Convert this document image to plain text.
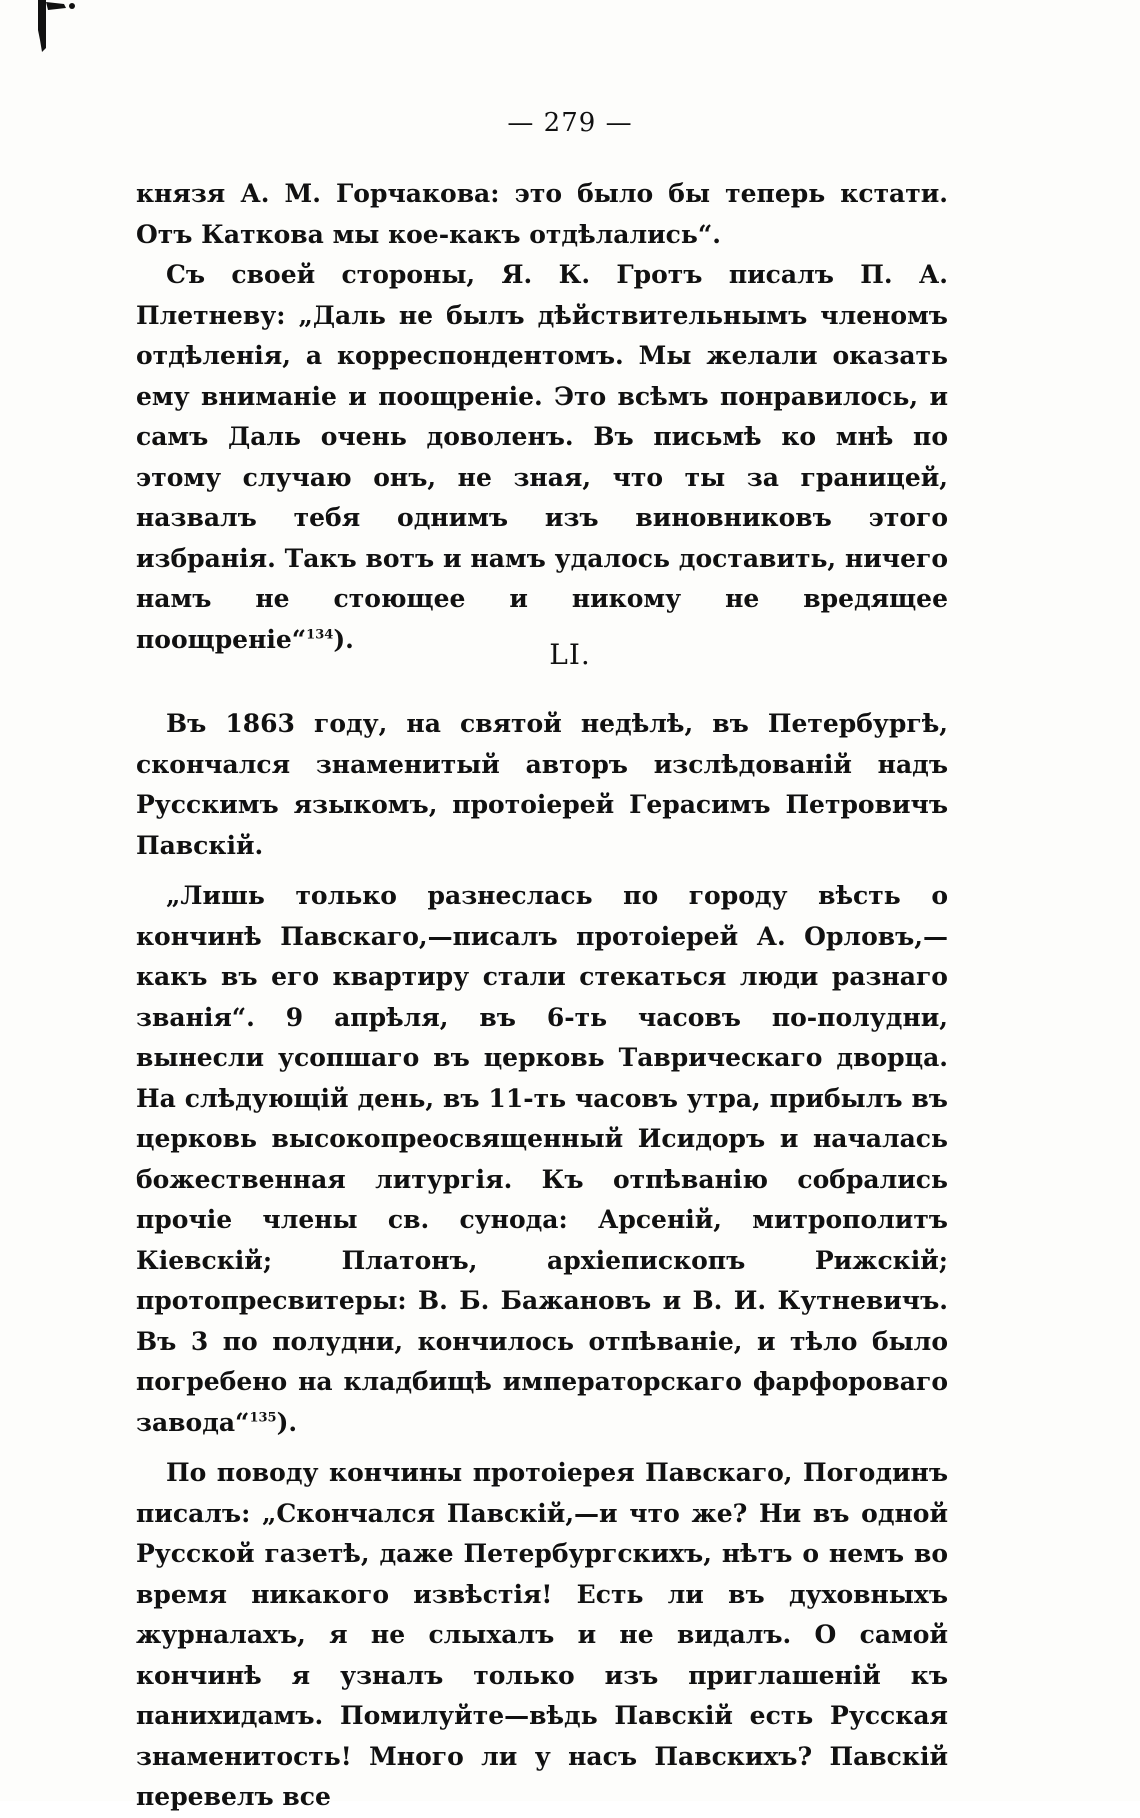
— 279 —

князя А. М. Горчакова: это было бы теперь кстати. Отъ Каткова мы кое-какъ отдѣлались“.

Съ своей стороны, Я. К. Гротъ писалъ П. А. Плетневу: „Даль не былъ дѣйствительнымъ членомъ отдѣленія, а корреспондентомъ. Мы желали оказать ему вниманіе и поощреніе. Это всѣмъ понравилось, и самъ Даль очень доволенъ. Въ письмѣ ко мнѣ по этому случаю онъ, не зная, что ты за границей, назвалъ тебя однимъ изъ виновниковъ этого избранія. Такъ вотъ и намъ удалось доставить, ничего намъ не стоющее и никому не вредящее поощреніе“$^{134}$).	LI.

Въ 1863 году, на святой недѣлѣ, въ Петербургѣ, скончался знаменитый авторъ изслѣдованій надъ Русскимъ языкомъ, протоіерей Герасимъ Петровичъ Павскій.

„Лишь только разнеслась по городу вѣсть о кончинѣ Павскаго,—писалъ протоіерей А. Орловъ,—какъ въ его квартиру стали стекаться люди разнаго званія“. 9 апрѣля, въ 6-ть часовъ по-полудни, вынесли усопшаго въ церковь Таврическаго дворца. На слѣдующій день, въ 11-ть часовъ утра, прибылъ въ церковь высокопреосвященный Исидоръ и началась божественная литургія. Къ отпѣванію собрались прочіе члены св. сунода: Арсеній, митрополитъ Кіевскій; Платонъ, архіепископъ Рижскій; протопресвитеры: В. Б. Бажановъ и В. И. Кутневичъ. Въ 3 по полудни, кончилось отпѣваніе, и тѣло было погребено на кладбищѣ императорскаго фарфороваго завода“$^{135}$).

По поводу кончины протоіерея Павскаго, Погодинъ писалъ: „Скончался Павскій,—и что же? Ни въ одной Русской газетѣ, даже Петербургскихъ, нѣтъ о немъ во время никакого извѣстія! Есть ли въ духовныхъ журналахъ, я не слыхалъ и не видалъ. О самой кончинѣ я узналъ только изъ приглашеній къ панихидамъ. Помилуйте—вѣдь Павскій есть Русская знаменитость! Много ли у насъ Павскихъ? Павскій перевелъ все
